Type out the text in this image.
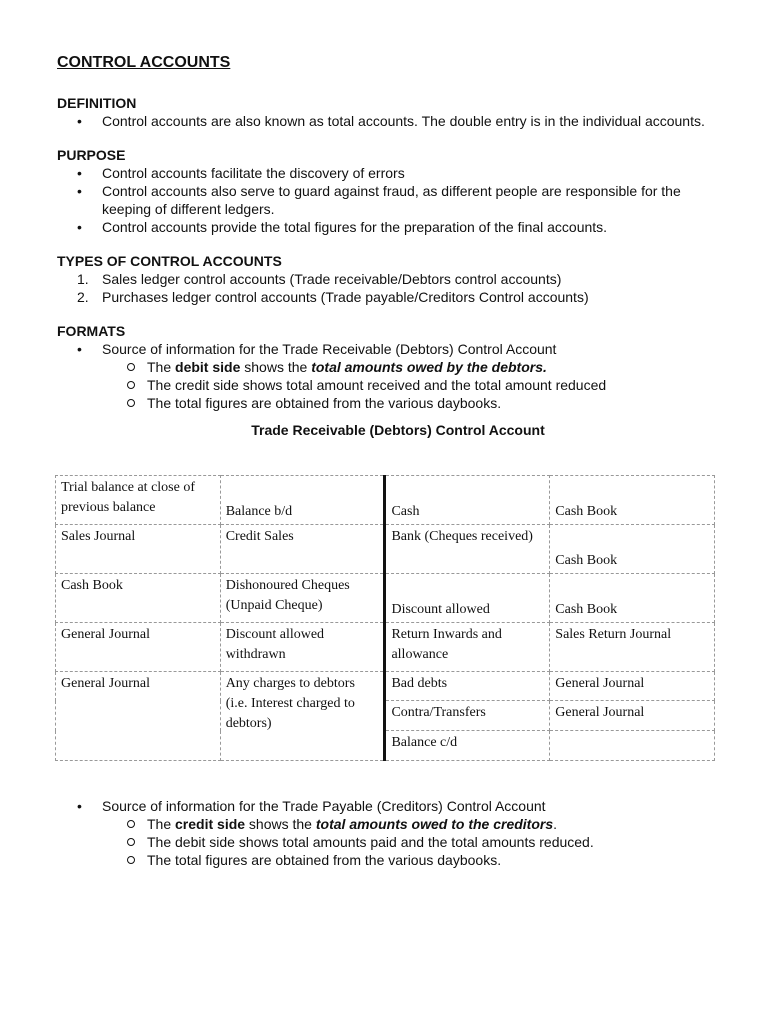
CONTROL ACCOUNTS
DEFINITION
• Control accounts are also known as total accounts. The double entry is in the individual accounts.
PURPOSE
• Control accounts facilitate the discovery of errors
• Control accounts also serve to guard against fraud, as different people are responsible for the keeping of different ledgers.
• Control accounts provide the total figures for the preparation of the final accounts.
TYPES OF CONTROL ACCOUNTS
1. Sales ledger control accounts (Trade receivable/Debtors control accounts)
2. Purchases ledger control accounts (Trade payable/Creditors Control accounts)
FORMATS
• Source of information for the Trade Receivable (Debtors) Control Account
The debit side shows the total amounts owed by the debtors.
The credit side shows total amount received and the total amount reduced
The total figures are obtained from the various daybooks.
Trade Receivable (Debtors) Control Account
Trial balance at close of previous balance	Balance b/d	Cash	Cash Book
Sales Journal	Credit Sales	Bank (Cheques received)	Cash Book
Cash Book	Dishonoured Cheques (Unpaid Cheque)	Discount allowed	Cash Book
General Journal	Discount allowed withdrawn	Return Inwards and allowance	Sales Return Journal
General Journal	Any charges to debtors (i.e. Interest charged to debtors)	Bad debts	General Journal
		Contra/Transfers	General Journal
		Balance c/d	
• Source of information for the Trade Payable (Creditors) Control Account
The credit side shows the total amounts owed to the creditors.
The debit side shows total amounts paid and the total amounts reduced.
The total figures are obtained from the various daybooks.
